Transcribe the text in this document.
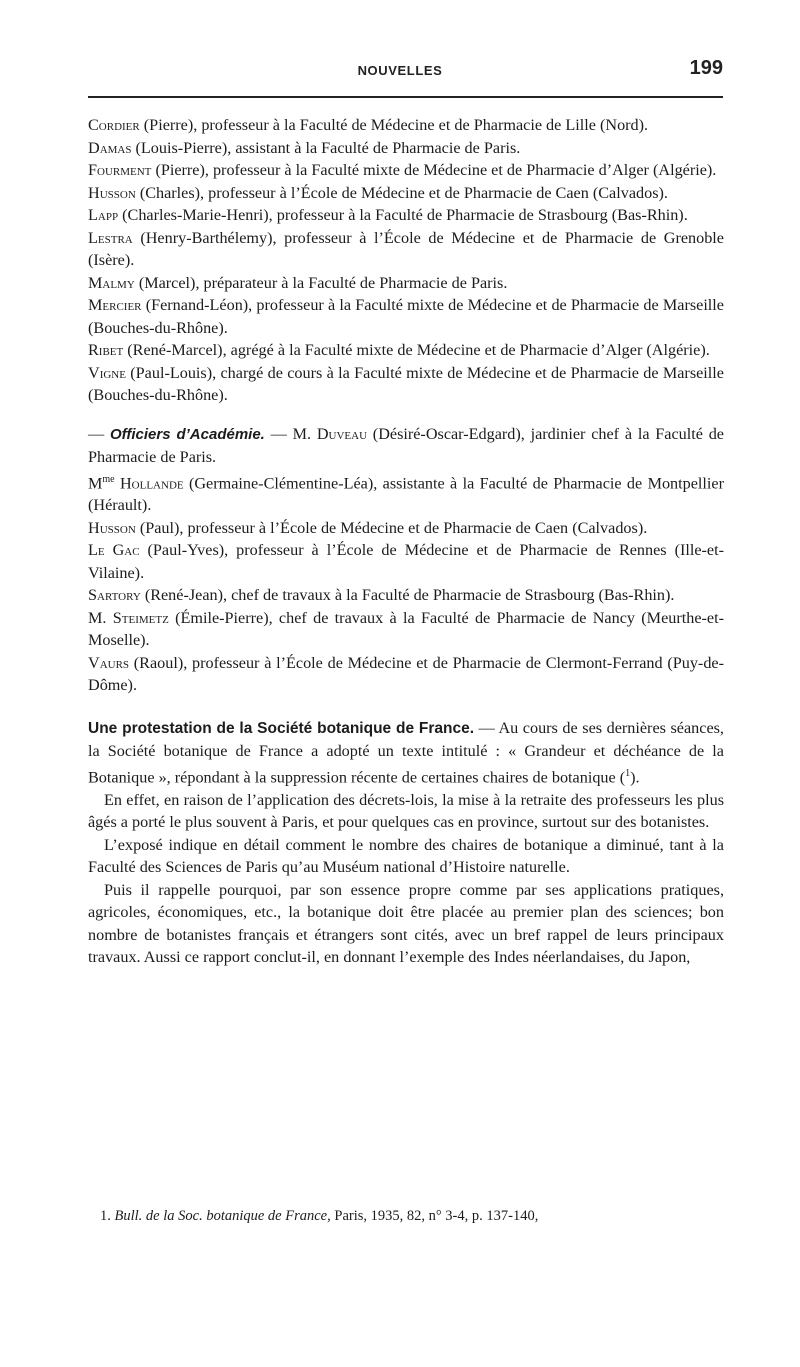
NOUVELLES	199

Cordier (Pierre), professeur à la Faculté de Médecine et de Pharmacie de Lille (Nord).

Damas (Louis-Pierre), assistant à la Faculté de Pharmacie de Paris.

Fourment (Pierre), professeur à la Faculté mixte de Médecine et de Pharmacie d’Alger (Algérie).

Husson (Charles), professeur à l’École de Médecine et de Pharmacie de Caen (Calvados).

Lapp (Charles-Marie-Henri), professeur à la Faculté de Pharmacie de Strasbourg (Bas-Rhin).

Lestra (Henry-Barthélemy), professeur à l’École de Médecine et de Pharmacie de Grenoble (Isère).

Malmy (Marcel), préparateur à la Faculté de Pharmacie de Paris.

Mercier (Fernand-Léon), professeur à la Faculté mixte de Médecine et de Pharmacie de Marseille (Bouches-du-Rhône).

Ribet (René-Marcel), agrégé à la Faculté mixte de Médecine et de Pharmacie d’Alger (Algérie).

Vigne (Paul-Louis), chargé de cours à la Faculté mixte de Médecine et de Pharmacie de Marseille (Bouches-du-Rhône).

— Officiers d’Académie. — M. Duveau (Désiré-Oscar-Edgard), jardinier chef à la Faculté de Pharmacie de Paris.

$M^{me}$ Hollande (Germaine-Clémentine-Léa), assistante à la Faculté de Pharmacie de Montpellier (Hérault).

Husson (Paul), professeur à l’École de Médecine et de Pharmacie de Caen (Calvados).

Le Gac (Paul-Yves), professeur à l’École de Médecine et de Pharmacie de Rennes (Ille-et-Vilaine).

Sartory (René-Jean), chef de travaux à la Faculté de Pharmacie de Strasbourg (Bas-Rhin).

M. Steimetz (Émile-Pierre), chef de travaux à la Faculté de Pharmacie de Nancy (Meurthe-et-Moselle).

Vaurs (Raoul), professeur à l’École de Médecine et de Pharmacie de Clermont-Ferrand (Puy-de-Dôme).

Une protestation de la Société botanique de France. — Au cours de ses dernières séances, la Société botanique de France a adopté un texte intitulé : « Grandeur et déchéance de la Botanique », répondant à la suppression récente de certaines chaires de botanique ($^1$).

En effet, en raison de l’application des décrets-lois, la mise à la retraite des professeurs les plus âgés a porté le plus souvent à Paris, et pour quelques cas en province, surtout sur des botanistes.

L’exposé indique en détail comment le nombre des chaires de botanique a diminué, tant à la Faculté des Sciences de Paris qu’au Muséum national d’Histoire naturelle.

Puis il rappelle pourquoi, par son essence propre comme par ses applications pratiques, agricoles, économiques, etc., la botanique doit être placée au premier plan des sciences; bon nombre de botanistes français et étrangers sont cités, avec un bref rappel de leurs principaux travaux. Aussi ce rapport conclut-il, en donnant l’exemple des Indes néerlandaises, du Japon,

1. Bull. de la Soc. botanique de France, Paris, 1935, 82, n° 3-4, p. 137-140,
